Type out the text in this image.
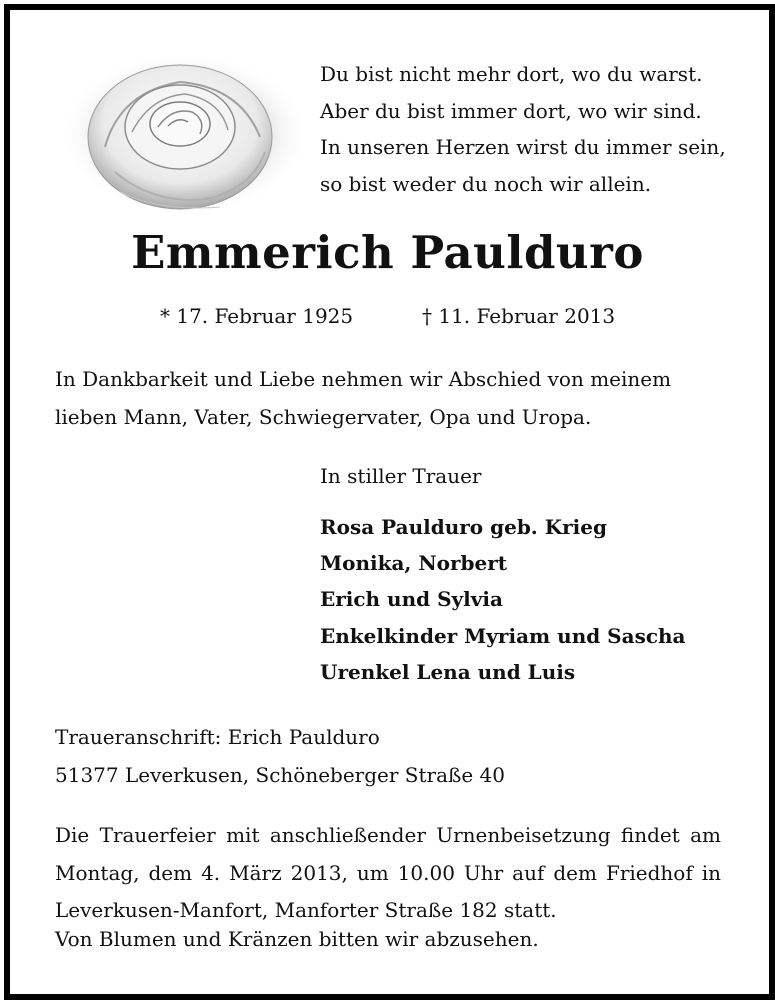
Du bist nicht mehr dort, wo du warst.
Aber du bist immer dort, wo wir sind.
In unseren Herzen wirst du immer sein,
so bist weder du noch wir allein.
Emmerich Paulduro
* 17. Februar 1925	† 11. Februar 2013
In Dankbarkeit und Liebe nehmen wir Abschied von meinem lieben Mann, Vater, Schwiegervater, Opa und Uropa.
In stiller Trauer
Rosa Paulduro geb. Krieg
Monika, Norbert
Erich und Sylvia
Enkelkinder Myriam und Sascha
Urenkel Lena und Luis
Traueranschrift: Erich Paulduro
51377 Leverkusen, Schöneberger Straße 40
Die Trauerfeier mit anschließender Urnenbeisetzung findet am Montag, dem 4. März 2013, um 10.00 Uhr auf dem Friedhof in Leverkusen-Manfort, Manforter Straße 182 statt.
Von Blumen und Kränzen bitten wir abzusehen.
